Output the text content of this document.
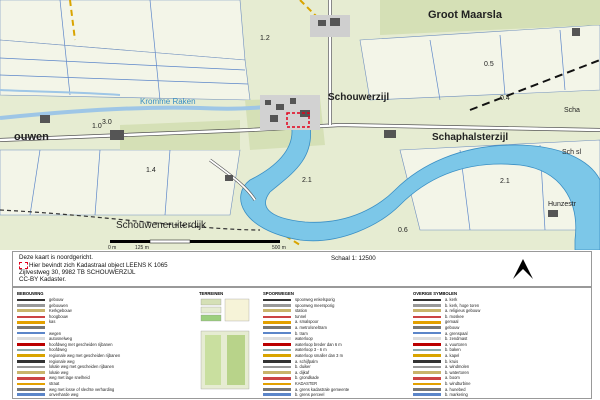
Groot Maarsla
Schouwerzijl
Schaphalsterzijl
ouwen
Kromme Raken
Schouweneruiterdijk
Hunzestr
Sch sl
Scha
1.2
0.5
1.0
3.0
1.4
2.1	2.1
0.6
0.4
0 m	125 m	500 m
Deze kaart is noordgericht.
Hier bevindt zich Kadastraal object LEENS K 1065
Zijlvestweg 30, 9982 TB SCHOUWERZIJL
CC-BY Kadaster.
Schaal 1: 12500
BEBOUWING
gebouw
gebouwen
Kerkgebouw
hoogbouw
kas
wegen
autosnelweg
hoofdweg met gescheiden rijbanen
hoofdweg
regionale weg met gescheiden rijbanen
regionale weg
lokale weg met gescheiden rijbanen
lokale weg
weg met lage snelheid
straat
weg met losse of slechte verharding
onverharde weg
TERREINEN	SPOORWEGEN
spoorweg enkelsporig
spoorweg meersporig
station
tunnel
a. smalspoor
a. metro/sneltram
b. tram
waterloop
waterloop breder dan 6 m
waterloop 3 - 6 m
waterloop smaller dan 3 m
a. schijfpalm
b. duiker
a. dijkaf
b. grondkade
KADASTER
a. grens kadastrale gemeente
b. grens perceel
OVERIGE SYMBOLEN
a. kerk
b. kerk, hoge toren
a. religieus gebouw
b. moskee
gemaal
gebouw
a. grenspaal
b. zendmast
a. vuurtoren
b. baken
a. kapel
b. kruis
a. windmolen
b. watertoren
a. boom
b. windturbine
a. hunebed
b. markering
